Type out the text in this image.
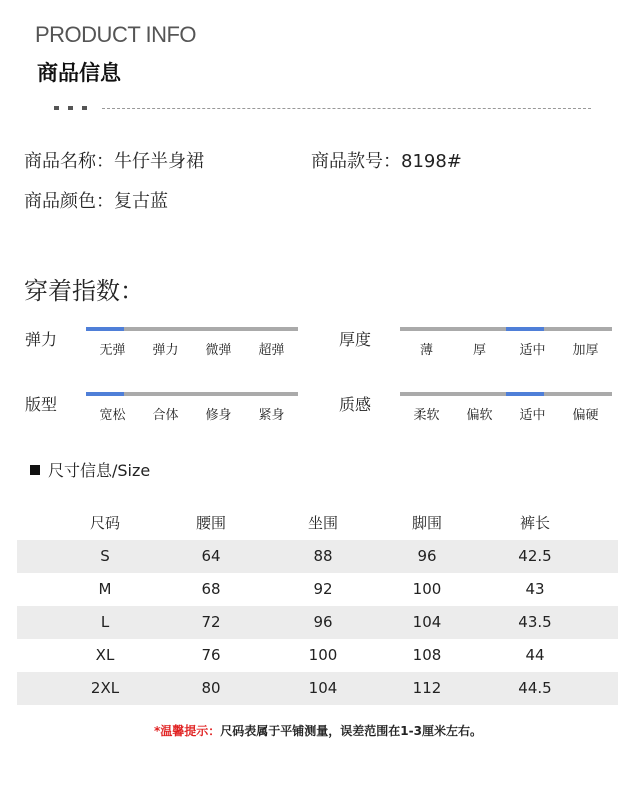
PRODUCT INFO
商品信息
商品名称：牛仔半身裙	商品款号：8198#
商品颜色：复古蓝
穿着指数：
弹力
无弹	弹力	微弹	超弹
厚度
薄	厚	适中	加厚
版型
宽松	合体	修身	紧身
质感
柔软	偏软	适中	偏硬
尺寸信息/Size
尺码	腰围	坐围	脚围	裤长
S	64	88	96	42.5
M	68	92	100	43
L	72	96	104	43.5
XL	76	100	108	44
2XL	80	104	112	44.5
*温馨提示：尺码表属于平铺测量，误差范围在1-3厘米左右。
